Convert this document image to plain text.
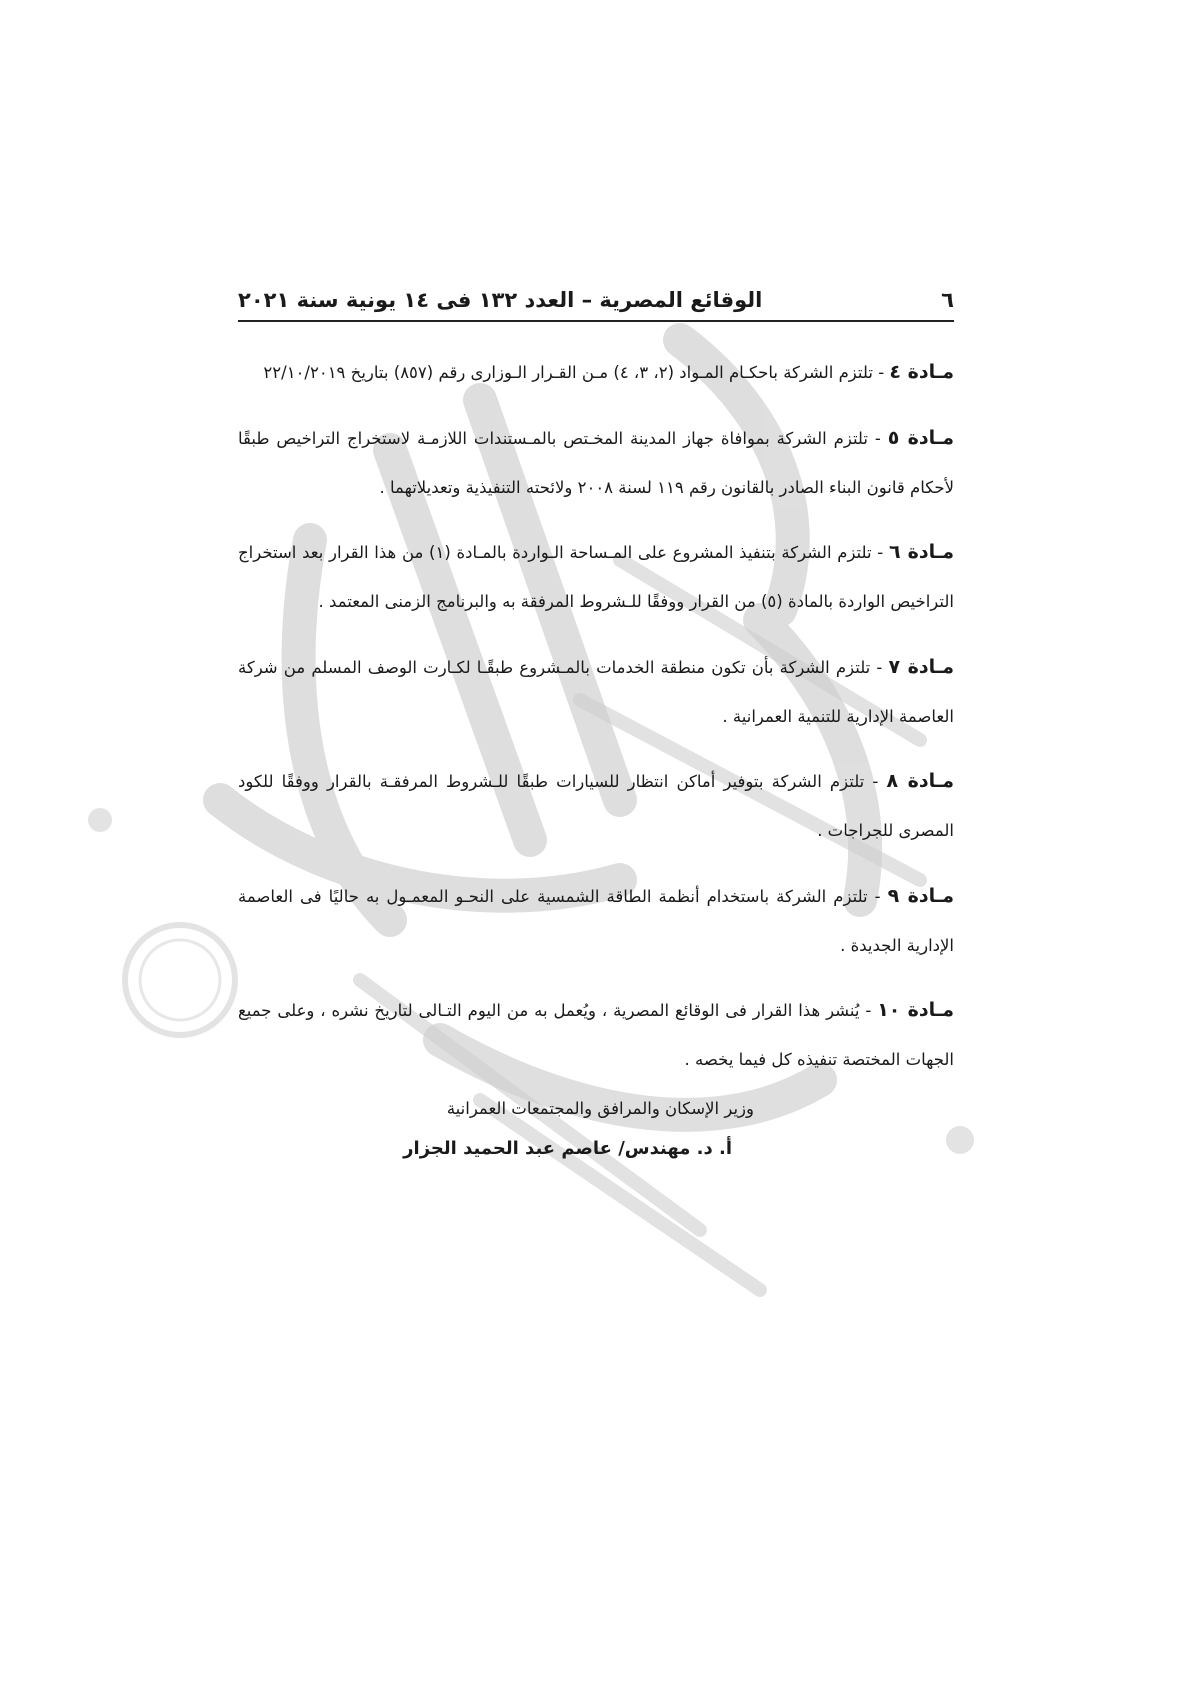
٦
الوقائع المصرية – العدد ١٣٢ فى ١٤ يونية سنة ٢٠٢١

مـادة ٤ - تلتزم الشركة باحكـام المـواد (٢، ٣، ٤) مـن القـرار الـوزارى رقم (٨٥٧) بتاريخ ٢٢/١٠/٢٠١٩

مـادة ٥ - تلتزم الشركة بموافاة جهاز المدينة المخـتص بالمـستندات اللازمـة لاستخراج التراخيص طبقًا لأحكام قانون البناء الصادر بالقانون رقم ١١٩ لسنة ٢٠٠٨ ولائحته التنفيذية وتعديلاتهما .

مـادة ٦ - تلتزم الشركة بتنفيذ المشروع على المـساحة الـواردة بالمـادة (١) من هذا القرار بعد استخراج التراخيص الواردة بالمادة (٥) من القرار ووفقًا للـشروط المرفقة به والبرنامج الزمنى المعتمد .

مـادة ٧ - تلتزم الشركة بأن تكون منطقة الخدمات بالمـشروع طبقًـا لكـارت الوصف المسلم من شركة العاصمة الإدارية للتنمية العمرانية .

مـادة ٨ - تلتزم الشركة بتوفير أماكن انتظار للسيارات طبقًا للـشروط المرفقـة بالقرار ووفقًا للكود المصرى للجراجات .

مـادة ٩ - تلتزم الشركة باستخدام أنظمة الطاقة الشمسية على النحـو المعمـول به حاليًا فى العاصمة الإدارية الجديدة .

مـادة ١٠ - يُنشر هذا القرار فى الوقائع المصرية ، ويُعمل به من اليوم التـالى لتاريخ نشره ، وعلى جميع الجهات المختصة تنفيذه كل فيما يخصه .

وزير الإسكان والمرافق والمجتمعات العمرانية
أ. د. مهندس/ عاصم عبد الحميد الجزار
